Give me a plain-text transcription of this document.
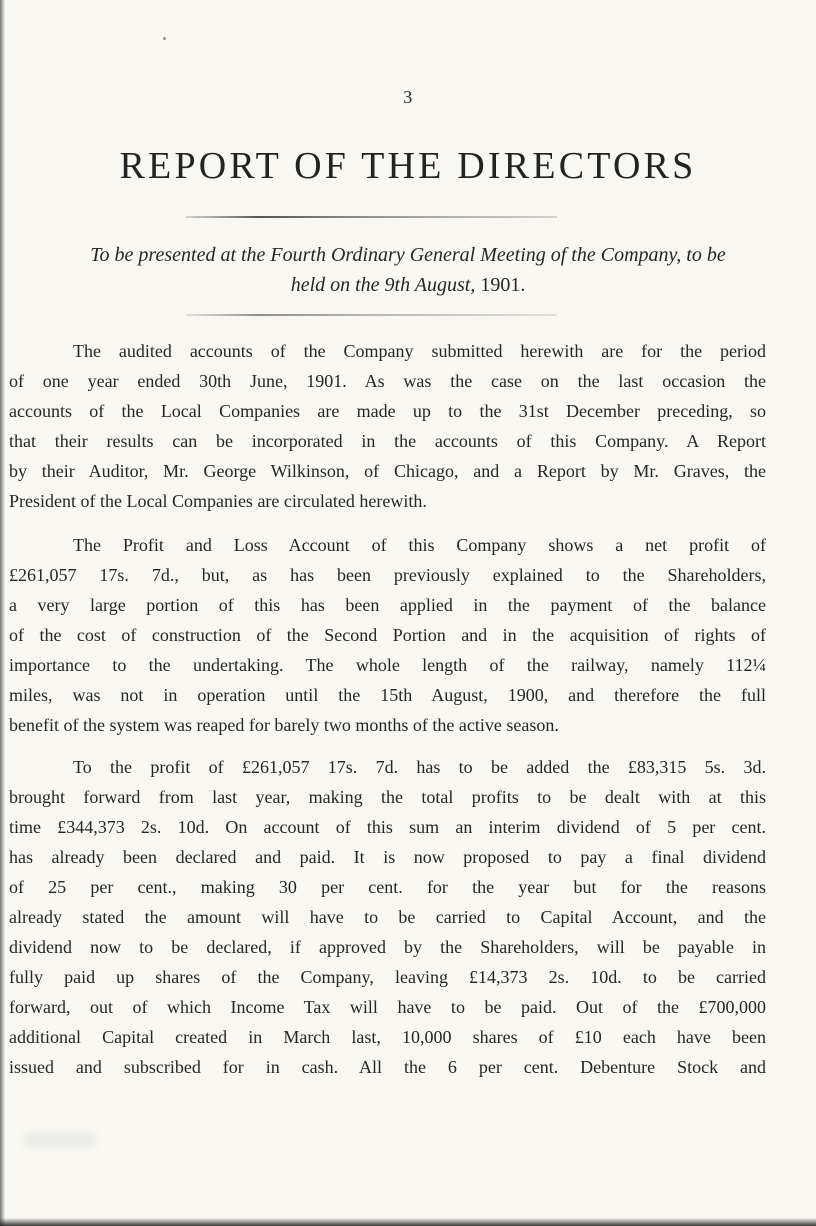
3
REPORT OF THE DIRECTORS
To be presented at the Fourth Ordinary General Meeting of the Company, to be
held on the 9th August, 1901.
The audited accounts of the Company submitted herewith are for the period
of one year ended 30th June, 1901. As was the case on the last occasion the
accounts of the Local Companies are made up to the 31st December preceding, so
that their results can be incorporated in the accounts of this Company. A Report
by their Auditor, Mr. George Wilkinson, of Chicago, and a Report by Mr. Graves, the
President of the Local Companies are circulated herewith.
The Profit and Loss Account of this Company shows a net profit of
£261,057 17s. 7d., but, as has been previously explained to the Shareholders,
a very large portion of this has been applied in the payment of the balance
of the cost of construction of the Second Portion and in the acquisition of rights of
importance to the undertaking. The whole length of the railway, namely 112¼
miles, was not in operation until the 15th August, 1900, and therefore the full
benefit of the system was reaped for barely two months of the active season.
To the profit of £261,057 17s. 7d. has to be added the £83,315 5s. 3d.
brought forward from last year, making the total profits to be dealt with at this
time £344,373 2s. 10d. On account of this sum an interim dividend of 5 per cent.
has already been declared and paid. It is now proposed to pay a final dividend
of 25 per cent., making 30 per cent. for the year but for the reasons
already stated the amount will have to be carried to Capital Account, and the
dividend now to be declared, if approved by the Shareholders, will be payable in
fully paid up shares of the Company, leaving £14,373 2s. 10d. to be carried
forward, out of which Income Tax will have to be paid. Out of the £700,000
additional Capital created in March last, 10,000 shares of £10 each have been
issued and subscribed for in cash. All the 6 per cent. Debenture Stock and
